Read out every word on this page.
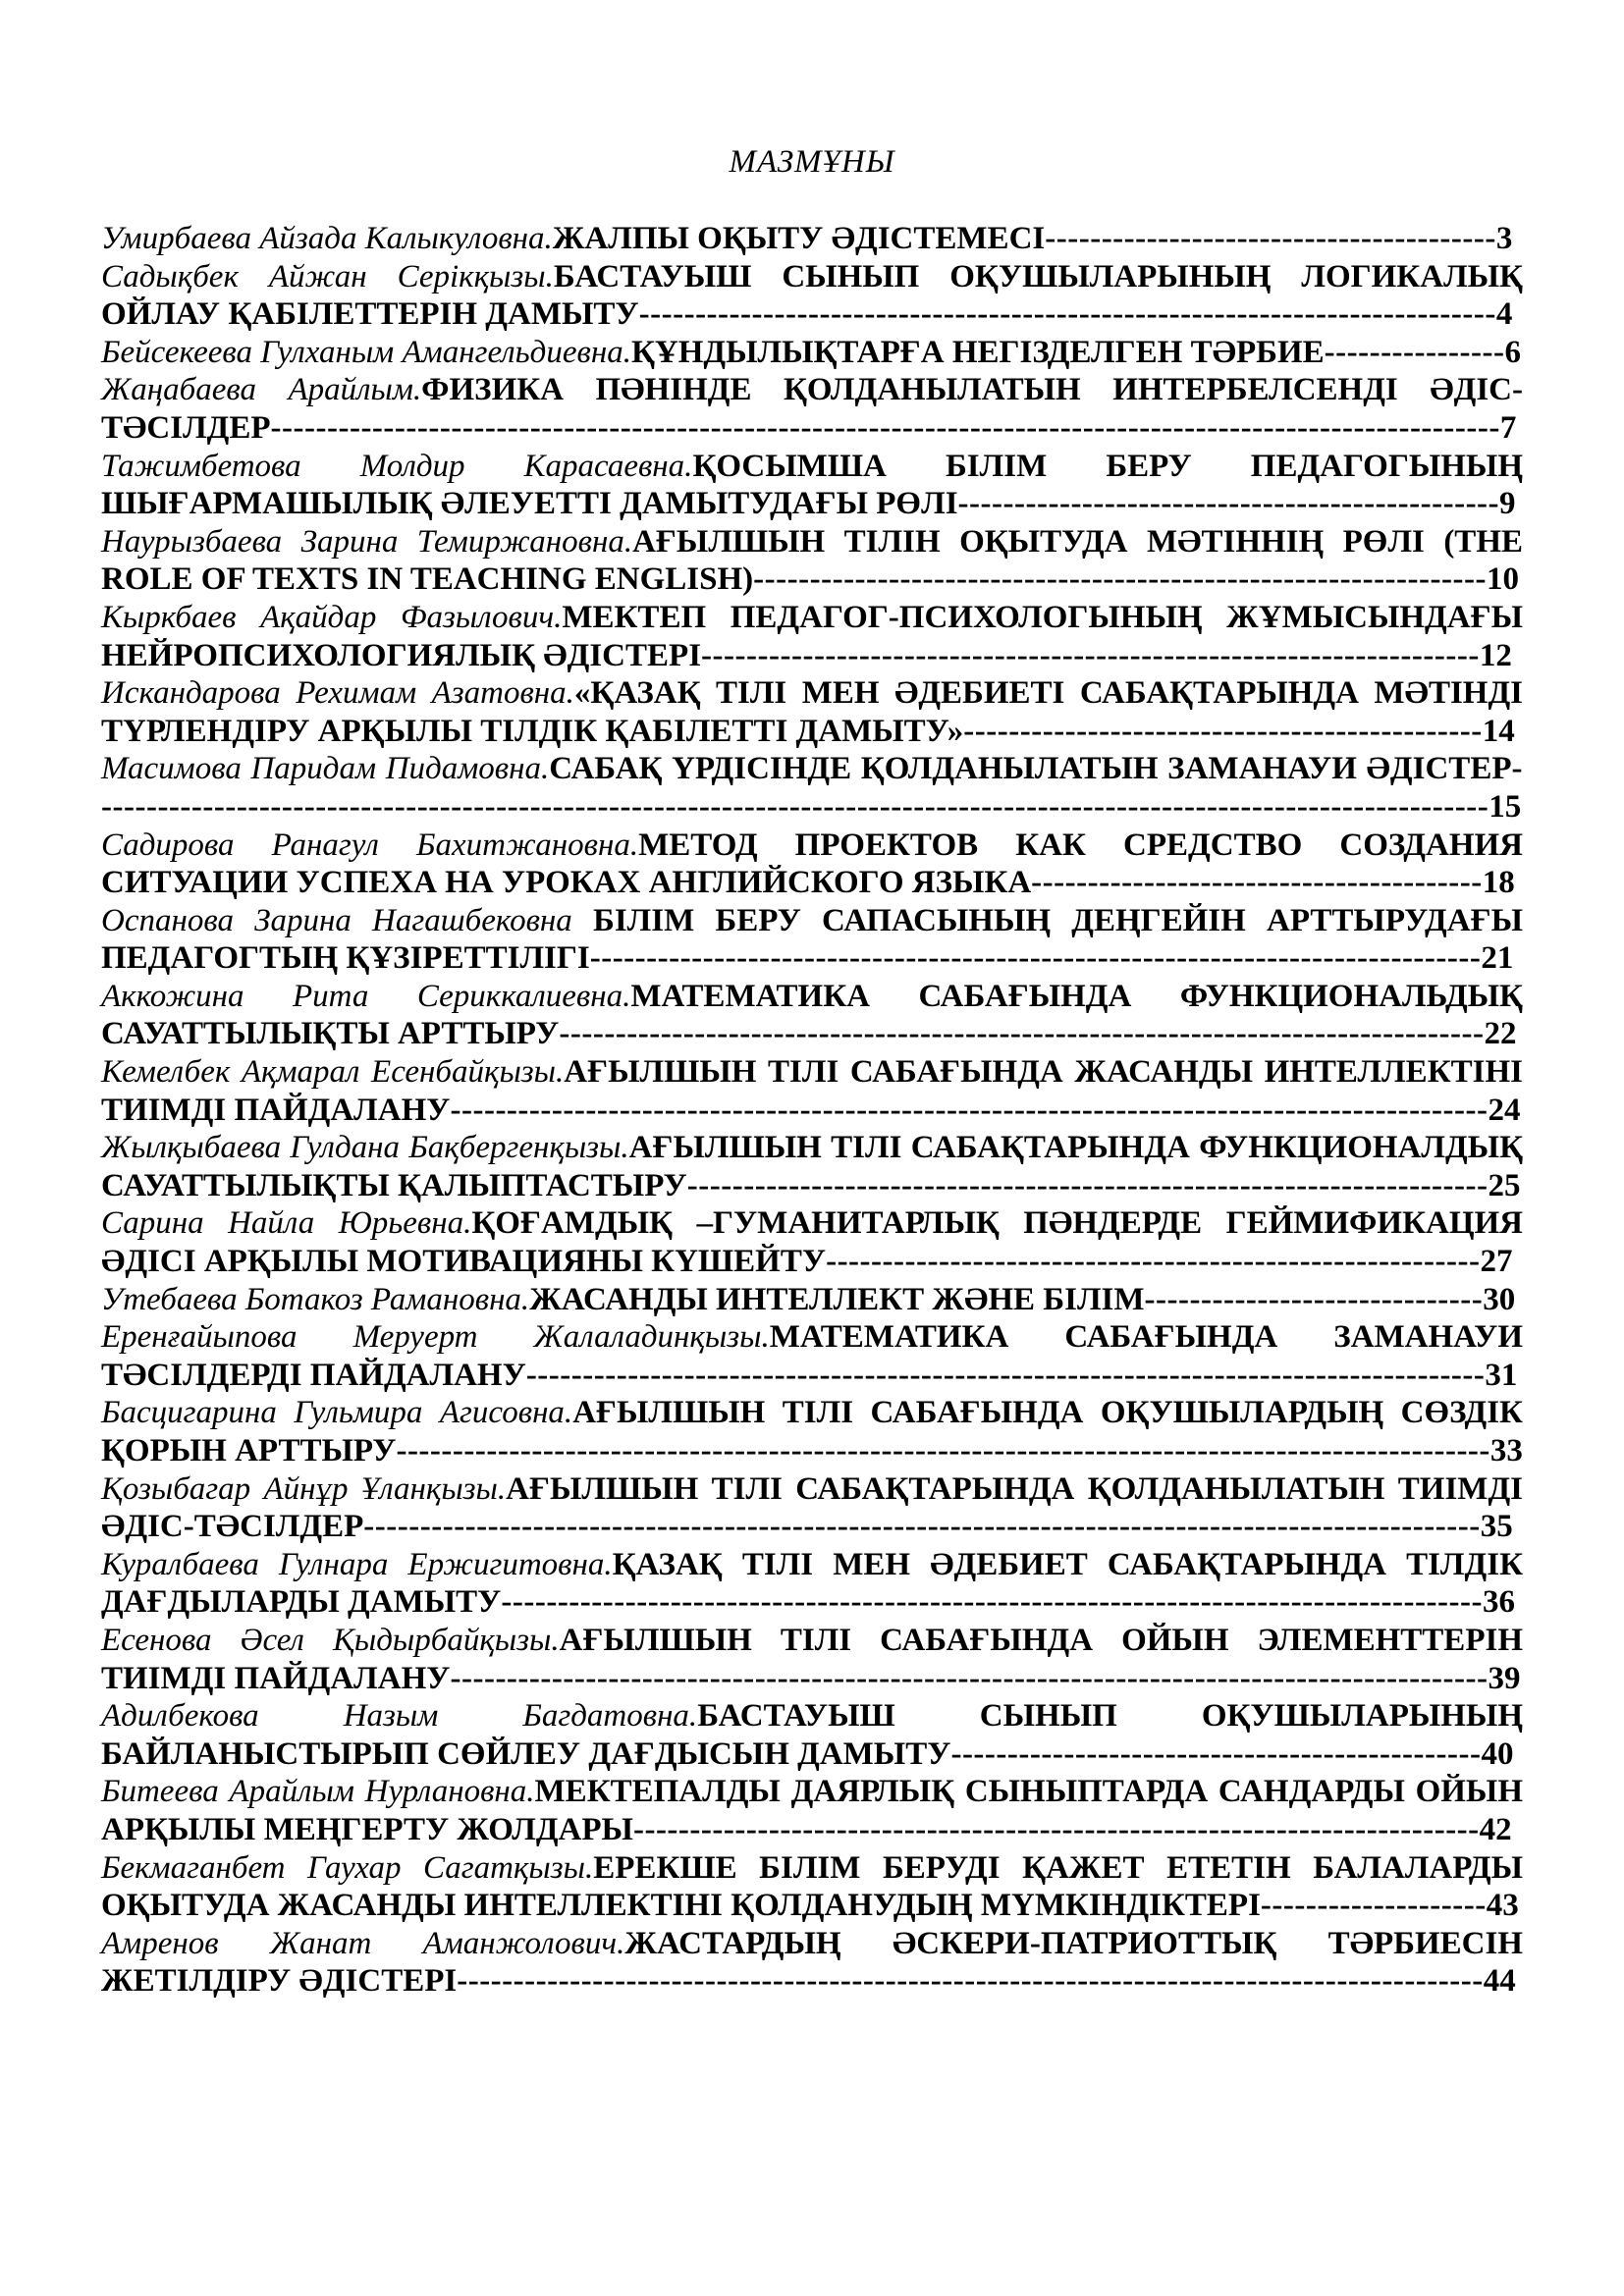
МАЗМҰНЫ

Умирбаева Айзада Калыкуловна.ЖАЛПЫ ОҚЫТУ ӘДІСТЕМЕСІ----------------------------------------3

Садықбек Айжан Серікқызы.БАСТАУЫШ СЫНЫП ОҚУШЫЛАРЫНЫҢ ЛОГИКАЛЫҚ ОЙЛАУ ҚАБІЛЕТТЕРІН ДАМЫТУ----------------------------------------------------------------------------4

Бейсекеева Гулханым Амангельдиевна.ҚҰНДЫЛЫҚТАРҒА НЕГІЗДЕЛГЕН ТӘРБИЕ----------------6

Жаңабаева Арайлым.ФИЗИКА ПӘНІНДЕ ҚОЛДАНЫЛАТЫН ИНТЕРБЕЛСЕНДІ ӘДІС-ТӘСІЛДЕР-------------------------------------------------------------------------------------------------------------7

Тажимбетова Молдир Карасаевна.ҚОСЫМША БІЛІМ БЕРУ ПЕДАГОГЫНЫҢ ШЫҒАРМАШЫЛЫҚ ӘЛЕУЕТТІ ДАМЫТУДАҒЫ РӨЛІ------------------------------------------------9

Наурызбаева Зарина Темиржановна.АҒЫЛШЫН ТІЛІН ОҚЫТУДА МӘТІННІҢ РӨЛІ (THE ROLE OF TEXTS IN TEACHING ENGLISH)-----------------------------------------------------------------10

Кыркбаев Ақайдар Фазылович.МЕКТЕП ПЕДАГОГ-ПСИХОЛОГЫНЫҢ ЖҰМЫСЫНДАҒЫ НЕЙРОПСИХОЛОГИЯЛЫҚ ӘДІСТЕРІ---------------------------------------------------------------------12

Искандарова Рехимам Азатовна.«ҚАЗАҚ ТІЛІ МЕН ӘДЕБИЕТІ САБАҚТАРЫНДА МӘТІНДІ ТҮРЛЕНДІРУ АРҚЫЛЫ ТІЛДІК ҚАБІЛЕТТІ ДАМЫТУ»----------------------------------------------14

Масимова Паридам Пидамовна.САБАҚ ҮРДІСІНДЕ ҚОЛДАНЫЛАТЫН ЗАМАНАУИ ӘДІСТЕР----------------------------------------------------------------------------------------------------------------------------15

Садирова Ранагул Бахитжановна.МЕТОД ПРОЕКТОВ КАК СРЕДСТВО СОЗДАНИЯ СИТУАЦИИ УСПЕХА НА УРОКАХ АНГЛИЙСКОГО ЯЗЫКА----------------------------------------18

Оспанова Зарина Нагашбековна БІЛІМ БЕРУ САПАСЫНЫҢ ДЕҢГЕЙІН АРТТЫРУДАҒЫ ПЕДАГОГТЫҢ ҚҰЗІРЕТТІЛІГІ-------------------------------------------------------------------------------21

Аккожина Рита Сериккалиевна.МАТЕМАТИКА САБАҒЫНДА ФУНКЦИОНАЛЬДЫҚ САУАТТЫЛЫҚТЫ АРТТЫРУ----------------------------------------------------------------------------------22

Кемелбек Ақмарал Есенбайқызы.АҒЫЛШЫН ТІЛІ САБАҒЫНДА ЖАСАНДЫ ИНТЕЛЛЕКТІНІ ТИІМДІ ПАЙДАЛАНУ--------------------------------------------------------------------------------------------24

Жылқыбаева Гулдана Бақбергенқызы.АҒЫЛШЫН ТІЛІ САБАҚТАРЫНДА ФУНКЦИОНАЛДЫҚ САУАТТЫЛЫҚТЫ ҚАЛЫПТАСТЫРУ-----------------------------------------------------------------------25

Сарина Найла Юрьевна.ҚОҒАМДЫҚ –ГУМАНИТАРЛЫҚ ПӘНДЕРДЕ ГЕЙМИФИКАЦИЯ ӘДІСІ АРҚЫЛЫ МОТИВАЦИЯНЫ КҮШЕЙТУ----------------------------------------------------------27

Утебаева Ботакоз Рамановна.ЖАСАНДЫ ИНТЕЛЛЕКТ ЖӘНЕ БІЛІМ------------------------------30

Еренғайыпова Меруерт Жалаладинқызы.МАТЕМАТИКА САБАҒЫНДА ЗАМАНАУИ ТӘСІЛДЕРДІ ПАЙДАЛАНУ-------------------------------------------------------------------------------------31

Басцигарина Гульмира Агисовна.АҒЫЛШЫН ТІЛІ САБАҒЫНДА ОҚУШЫЛАРДЫҢ СӨЗДІК ҚОРЫН АРТТЫРУ-------------------------------------------------------------------------------------------------33

Қозыбагар Айнұр Ұланқызы.АҒЫЛШЫН ТІЛІ САБАҚТАРЫНДА ҚОЛДАНЫЛАТЫН ТИІМДІ ӘДІС-ТӘСІЛДЕР---------------------------------------------------------------------------------------------------35

Куралбаева Гулнара Ержигитовна.ҚАЗАҚ ТІЛІ МЕН ӘДЕБИЕТ САБАҚТАРЫНДА ТІЛДІК ДАҒДЫЛАРДЫ ДАМЫТУ---------------------------------------------------------------------------------------36

Есенова Әсел Қыдырбайқызы.АҒЫЛШЫН ТІЛІ САБАҒЫНДА ОЙЫН ЭЛЕМЕНТТЕРІН ТИІМДІ ПАЙДАЛАНУ--------------------------------------------------------------------------------------------39

Адилбекова Назым Багдатовна.БАСТАУЫШ СЫНЫП ОҚУШЫЛАРЫНЫҢ БАЙЛАНЫСТЫРЫП СӨЙЛЕУ ДАҒДЫСЫН ДАМЫТУ-----------------------------------------------40

Битеева Арайлым Нурлановна.МЕКТЕПАЛДЫ ДАЯРЛЫҚ СЫНЫПТАРДА САНДАРДЫ ОЙЫН АРҚЫЛЫ МЕҢГЕРТУ ЖОЛДАРЫ---------------------------------------------------------------------------42

Бекмаганбет Гаухар Сагатқызы.ЕРЕКШЕ БІЛІМ БЕРУДІ ҚАЖЕТ ЕТЕТІН БАЛАЛАРДЫ ОҚЫТУДА ЖАСАНДЫ ИНТЕЛЛЕКТІНІ ҚОЛДАНУДЫҢ МҮМКІНДІКТЕРІ--------------------43

Амренов Жанат Аманжолович.ЖАСТАРДЫҢ ӘСКЕРИ-ПАТРИОТТЫҚ ТӘРБИЕСІН ЖЕТІЛДІРУ ӘДІСТЕРІ-------------------------------------------------------------------------------------------44
